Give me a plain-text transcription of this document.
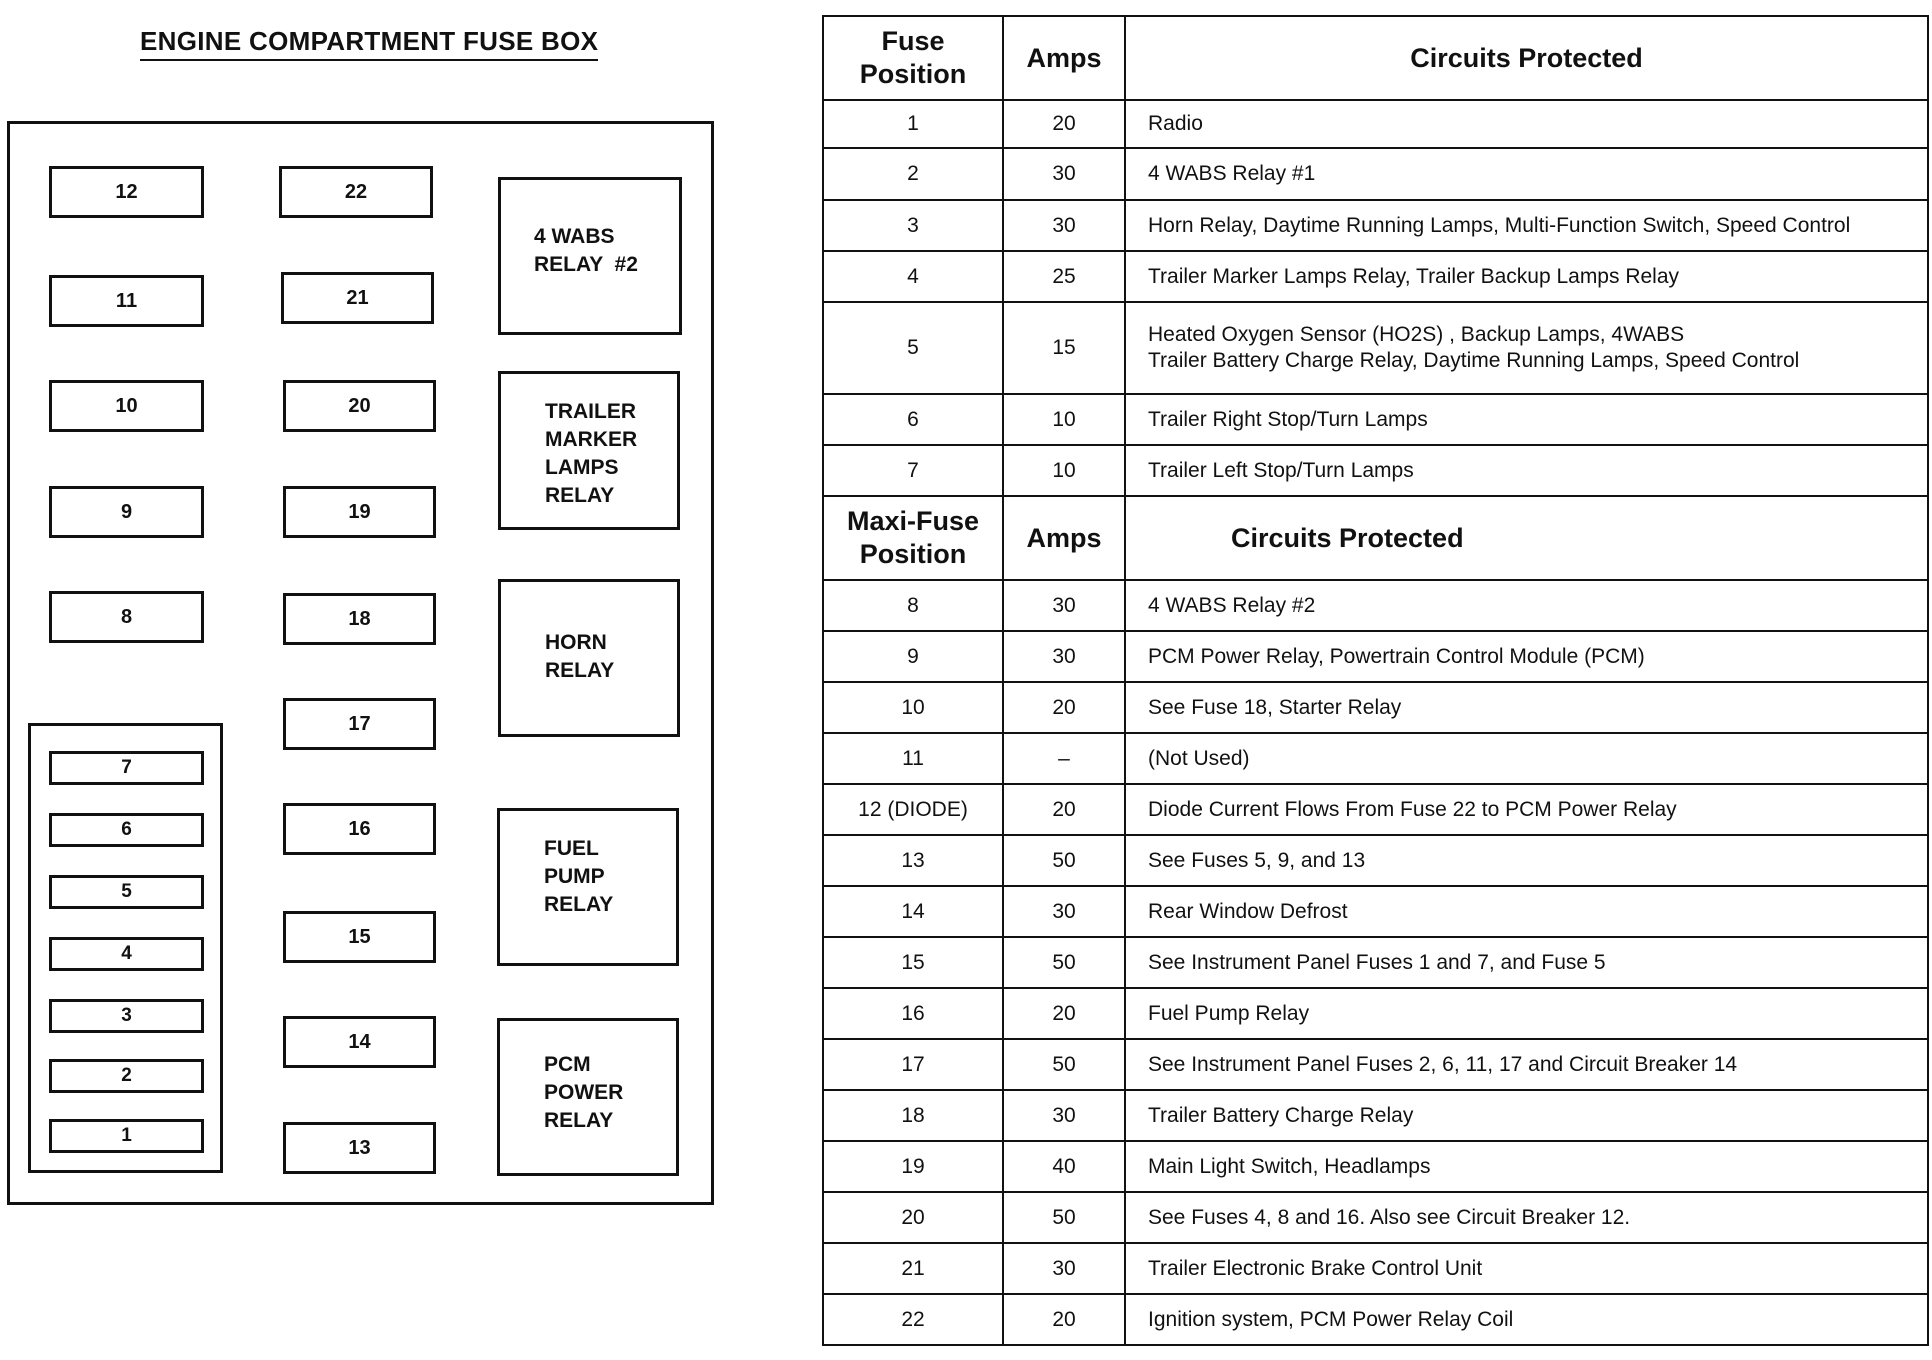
ENGINE COMPARTMENT FUSE BOX
12
11
10
9
8
7
6
5
4
3
2
1
22
21
20
19
18
17
16
15
14
13
4 WABS
RELAY  #2
TRAILER
MARKER
LAMPS
RELAY
HORN
RELAY
FUEL
PUMP
RELAY
PCM
POWER
RELAY
Fuse
Position	Amps	Circuits Protected
1	20	Radio

2	30	4 WABS Relay #1

3	30	Horn Relay, Daytime Running Lamps, Multi-Function Switch, Speed Control

4	25	Trailer Marker Lamps Relay, Trailer Backup Lamps Relay

5	15	Heated Oxygen Sensor (HO2S) , Backup Lamps, 4WABS
Trailer Battery Charge Relay, Daytime Running Lamps, Speed Control

6	10	Trailer Right Stop/Turn Lamps

7	10	Trailer Left Stop/Turn Lamps

Maxi-Fuse
Position	Amps	Circuits Protected
8	30	4 WABS Relay #2

9	30	PCM Power Relay, Powertrain Control Module (PCM)

10	20	See Fuse 18, Starter Relay

11	–	(Not Used)

12 (DIODE)	20	Diode Current Flows From Fuse 22 to PCM Power Relay

13	50	See Fuses 5, 9, and 13

14	30	Rear Window Defrost

15	50	See Instrument Panel Fuses 1 and 7, and Fuse 5

16	20	Fuel Pump Relay

17	50	See Instrument Panel Fuses 2, 6, 11, 17 and Circuit Breaker 14

18	30	Trailer Battery Charge Relay

19	40	Main Light Switch, Headlamps

20	50	See Fuses 4, 8 and 16. Also see Circuit Breaker 12.

21	30	Trailer Electronic Brake Control Unit

22	20	Ignition system, PCM Power Relay Coil
